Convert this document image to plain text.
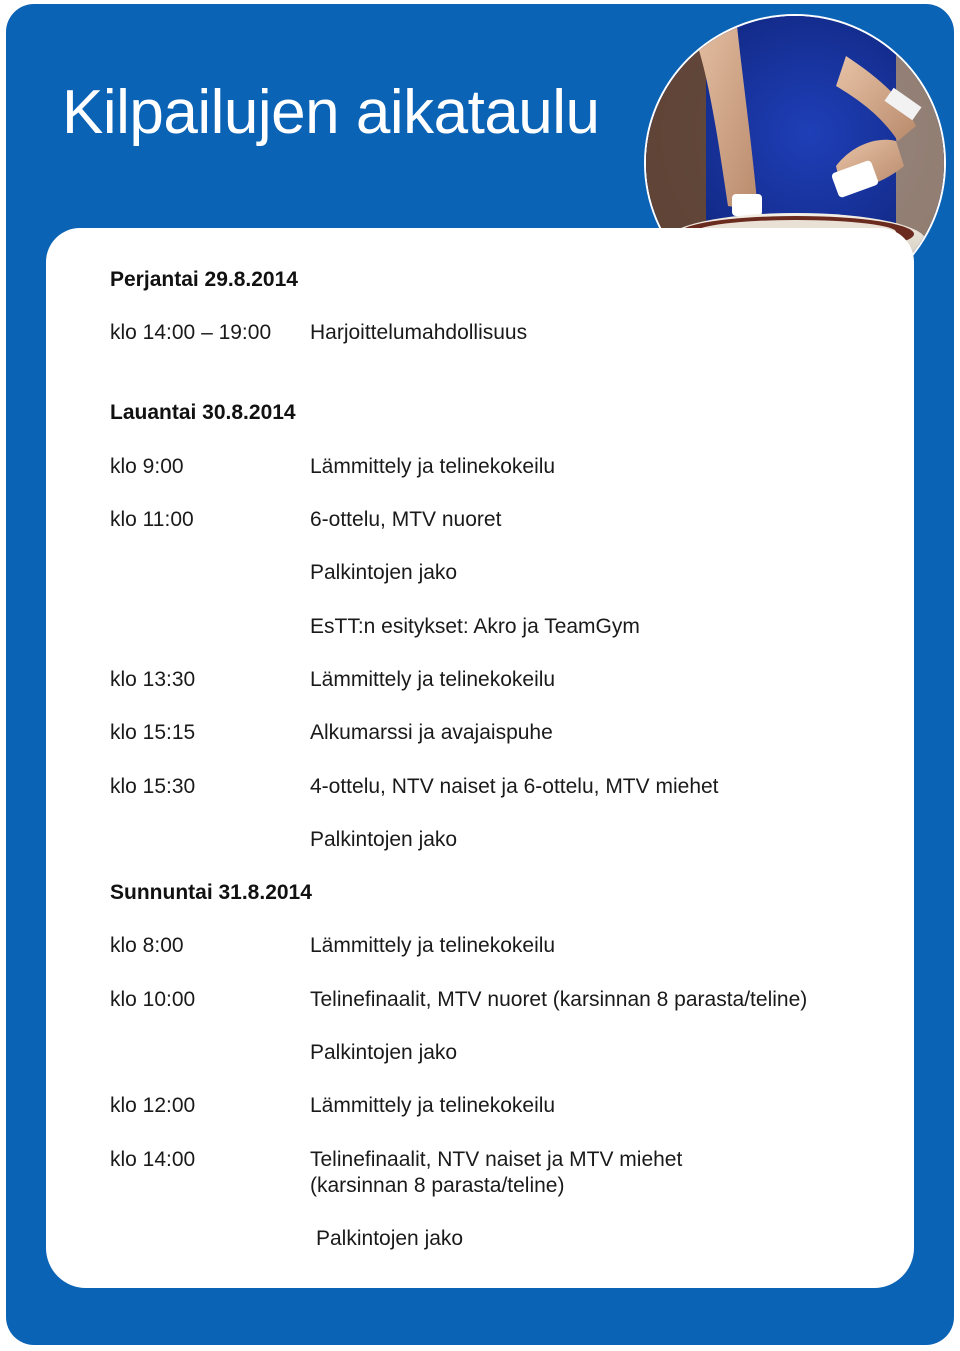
Kilpailujen aikataulu
Perjantai 29.8.2014
klo 14:00 – 19:00 Harjoittelumahdollisuus
Lauantai 30.8.2014
klo 9:00	Lämmittely ja telinekokeilu
klo 11:00	6-ottelu, MTV nuoret
Palkintojen jako
EsTT:n esitykset: Akro ja TeamGym
klo 13:30	Lämmittely ja telinekokeilu
klo 15:15	Alkumarssi ja avajaispuhe
klo 15:30	4-ottelu, NTV naiset ja 6-ottelu, MTV miehet
Palkintojen jako
Sunnuntai 31.8.2014
klo 8:00	Lämmittely ja telinekokeilu
klo 10:00	Telinefinaalit, MTV nuoret (karsinnan 8 parasta/teline)
Palkintojen jako
klo 12:00	Lämmittely ja telinekokeilu
klo 14:00	Telinefinaalit, NTV naiset ja MTV miehet
(karsinnan 8 parasta/teline)
Palkintojen jako
